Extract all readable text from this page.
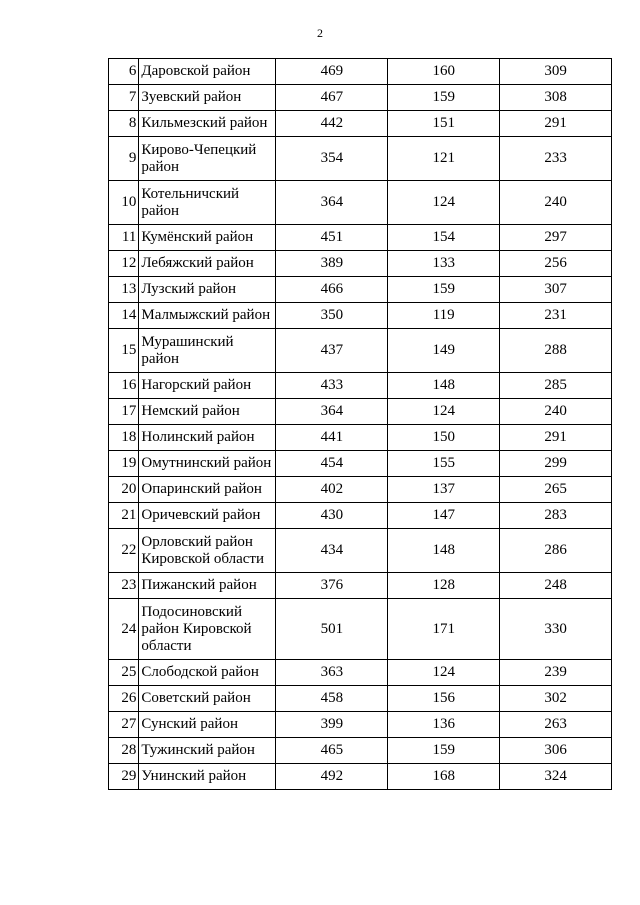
2
6	Даровской район	469	160	309
7	Зуевский район	467	159	308
8	Кильмезский район	442	151	291
9	Кирово-Чепецкий район	354	121	233
10	Котельничский район	364	124	240
11	Кумёнский район	451	154	297
12	Лебяжский район	389	133	256
13	Лузский район	466	159	307
14	Малмыжский район	350	119	231
15	Мурашинский район	437	149	288
16	Нагорский район	433	148	285
17	Немский район	364	124	240
18	Нолинский район	441	150	291
19	Омутнинский район	454	155	299
20	Опаринский район	402	137	265
21	Оричевский район	430	147	283
22	Орловский район Кировской области	434	148	286
23	Пижанский район	376	128	248
24	Подосиновский район Кировской области	501	171	330
25	Слободской район	363	124	239
26	Советский район	458	156	302
27	Сунский район	399	136	263
28	Тужинский район	465	159	306
29	Унинский район	492	168	324
